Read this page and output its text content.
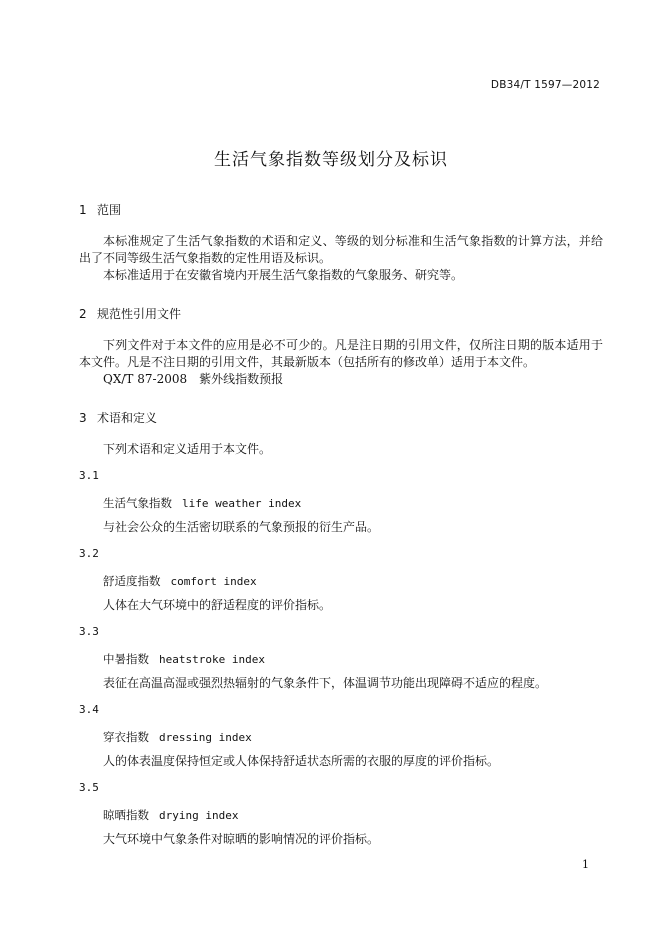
DB34/T 1597—2012
生活气象指数等级划分及标识
1 范围
本标准规定了生活气象指数的术语和定义、等级的划分标准和生活气象指数的计算方法，并给出了不同等级生活气象指数的定性用语及标识。
本标准适用于在安徽省境内开展生活气象指数的气象服务、研究等。
2 规范性引用文件
下列文件对于本文件的应用是必不可少的。凡是注日期的引用文件，仅所注日期的版本适用于本文件。凡是不注日期的引用文件，其最新版本（包括所有的修改单）适用于本文件。
QX/T 87-2008　紫外线指数预报
3 术语和定义
下列术语和定义适用于本文件。
3.1
生活气象指数 life weather index
与社会公众的生活密切联系的气象预报的衍生产品。
3.2
舒适度指数 comfort index
人体在大气环境中的舒适程度的评价指标。
3.3
中暑指数 heatstroke index
表征在高温高湿或强烈热辐射的气象条件下，体温调节功能出现障碍不适应的程度。
3.4
穿衣指数 dressing index
人的体表温度保持恒定或人体保持舒适状态所需的衣服的厚度的评价指标。
3.5
晾晒指数 drying index
大气环境中气象条件对晾晒的影响情况的评价指标。
1
